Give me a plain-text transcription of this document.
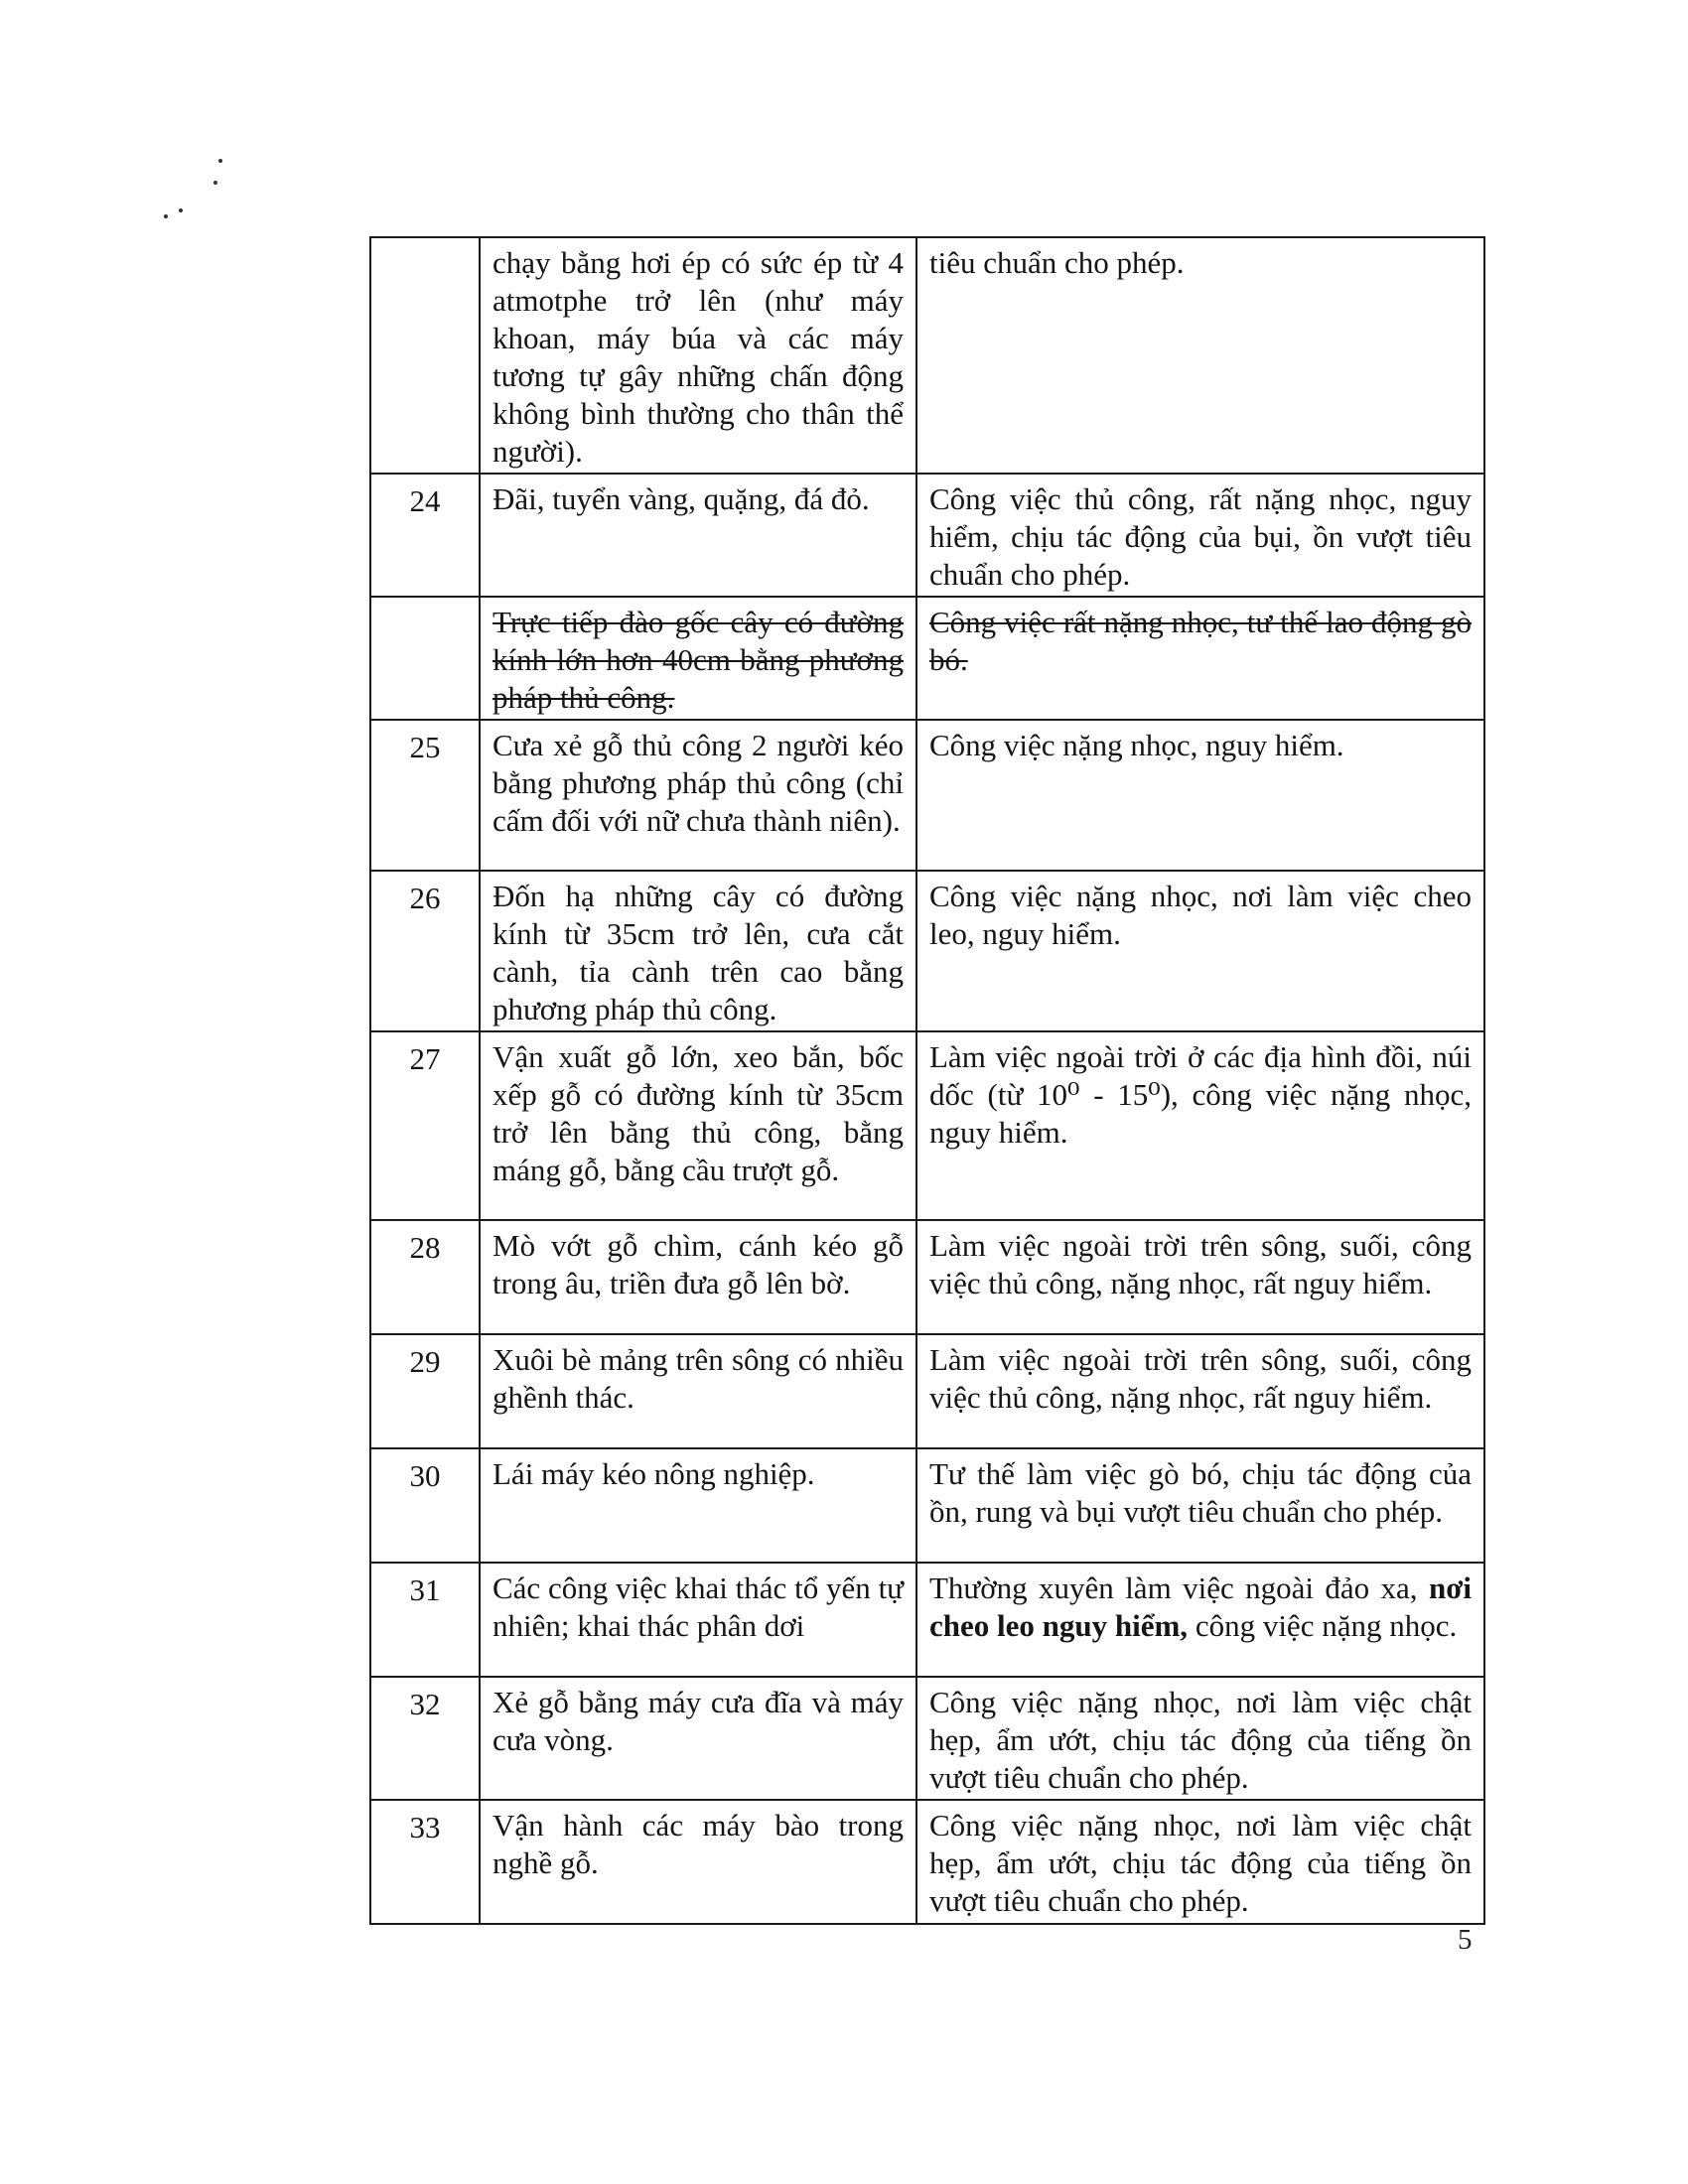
	chạy bằng hơi ép có sức ép từ 4 atmotphe trở lên (như máy khoan, máy búa và các máy tương tự gây những chấn động không bình thường cho thân thể người).	tiêu chuẩn cho phép.
24	Đãi, tuyển vàng, quặng, đá đỏ.	Công việc thủ công, rất nặng nhọc, nguy hiểm, chịu tác động của bụi, ồn vượt tiêu chuẩn cho phép.
	Trực tiếp đào gốc cây có đường kính lớn hơn 40cm bằng phương pháp thủ công.	Công việc rất nặng nhọc, tư thế lao động gò bó.
25	Cưa xẻ gỗ thủ công 2 người kéo bằng phương pháp thủ công (chỉ cấm đối với nữ chưa thành niên).	Công việc nặng nhọc, nguy hiểm.
26	Đốn hạ những cây có đường kính từ 35cm trở lên, cưa cắt cành, tỉa cành trên cao bằng phương pháp thủ công.	Công việc nặng nhọc, nơi làm việc cheo leo, nguy hiểm.
27	Vận xuất gỗ lớn, xeo bắn, bốc xếp gỗ có đường kính từ 35cm trở lên bằng thủ công, bằng máng gỗ, bằng cầu trượt gỗ.	Làm việc ngoài trời ở các địa hình đồi, núi dốc (từ 10⁰ - 15⁰), công việc nặng nhọc, nguy hiểm.
28	Mò vớt gỗ chìm, cánh kéo gỗ trong âu, triền đưa gỗ lên bờ.	Làm việc ngoài trời trên sông, suối, công việc thủ công, nặng nhọc, rất nguy hiểm.
29	Xuôi bè mảng trên sông có nhiều ghềnh thác.	Làm việc ngoài trời trên sông, suối, công việc thủ công, nặng nhọc, rất nguy hiểm.
30	Lái máy kéo nông nghiệp.	Tư thế làm việc gò bó, chịu tác động của ồn, rung và bụi vượt tiêu chuẩn cho phép.
31	Các công việc khai thác tổ yến tự nhiên; khai thác phân dơi	Thường xuyên làm việc ngoài đảo xa, nơi cheo leo nguy hiểm, công việc nặng nhọc.
32	Xẻ gỗ bằng máy cưa đĩa và máy cưa vòng.	Công việc nặng nhọc, nơi làm việc chật hẹp, ẩm ướt, chịu tác động của tiếng ồn vượt tiêu chuẩn cho phép.
33	Vận hành các máy bào trong nghề gỗ.	Công việc nặng nhọc, nơi làm việc chật hẹp, ẩm ướt, chịu tác động của tiếng ồn vượt tiêu chuẩn cho phép.
5
